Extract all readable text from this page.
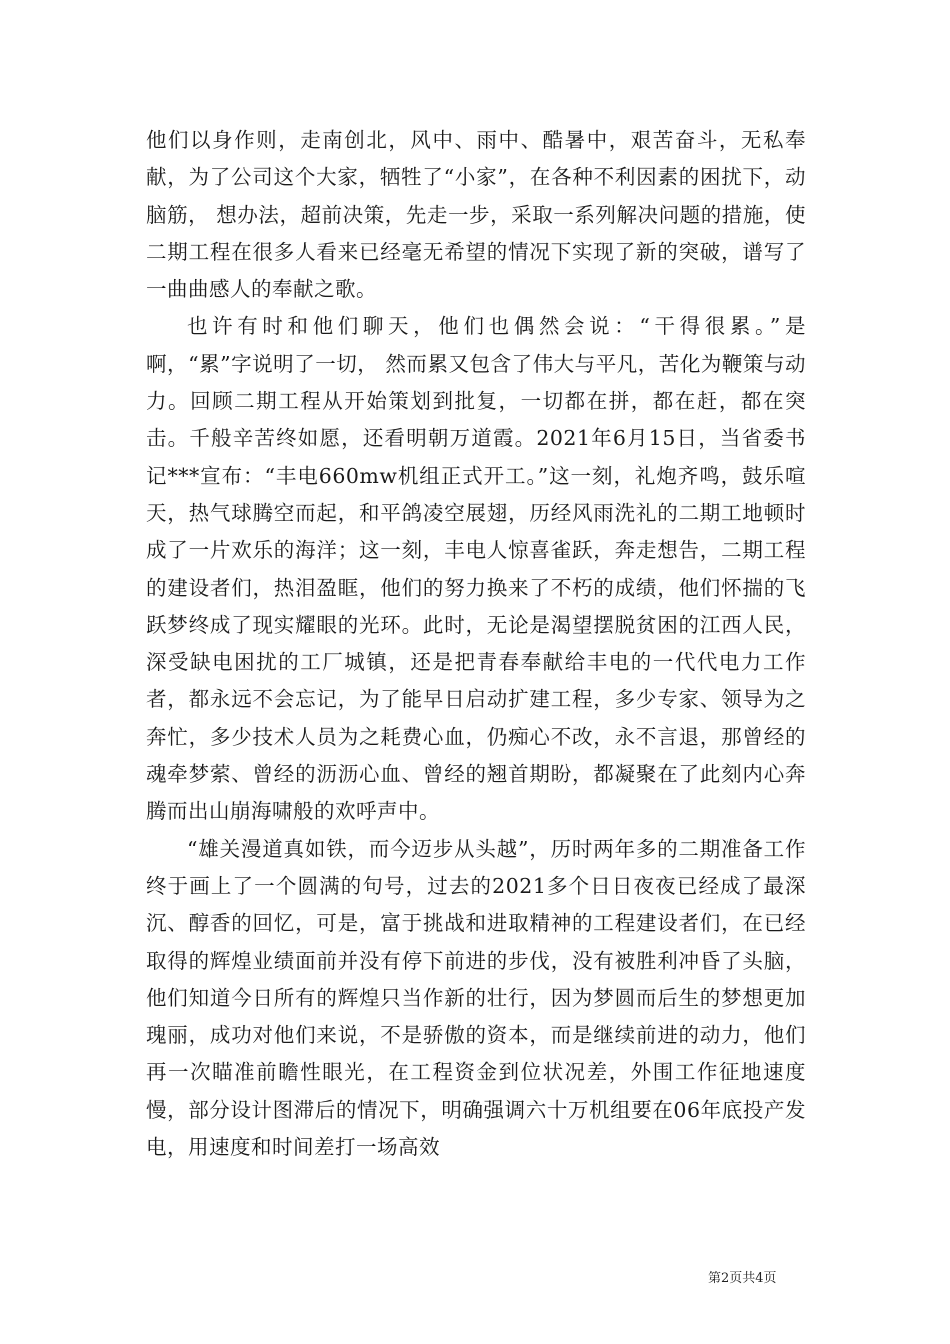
他们以身作则，走南创北，风中、雨中、酷暑中，艰苦奋斗，无私奉献，为了公司这个大家，牺牲了“小家”，在各种不利因素的困扰下，动脑筋， 想办法，超前决策，先走一步，采取一系列解决问题的措施，使二期工程在很多人看来已经毫无希望的情况下实现了新的突破，谱写了一曲曲感人的奉献之歌。

也许有时和他们聊天，他们也偶然会说：“干得很累。”是啊，“累”字说明了一切， 然而累又包含了伟大与平凡，苦化为鞭策与动力。回顾二期工程从开始策划到批复，一切都在拼，都在赶，都在突击。千般辛苦终如愿，还看明朝万道霞。2021年6月15日，当省委书记***宣布：“丰电660mw机组正式开工。”这一刻，礼炮齐鸣，鼓乐喧天，热气球腾空而起，和平鸽凌空展翅，历经风雨洗礼的二期工地顿时成了一片欢乐的海洋；这一刻，丰电人惊喜雀跃，奔走想告，二期工程的建设者们，热泪盈眶，他们的努力换来了不朽的成绩，他们怀揣的飞跃梦终成了现实耀眼的光环。此时，无论是渴望摆脱贫困的江西人民，深受缺电困扰的工厂城镇，还是把青春奉献给丰电的一代代电力工作者，都永远不会忘记，为了能早日启动扩建工程，多少专家、领导为之奔忙，多少技术人员为之耗费心血，仍痴心不改，永不言退，那曾经的魂牵梦萦、曾经的沥沥心血、曾经的翘首期盼，都凝聚在了此刻内心奔腾而出山崩海啸般的欢呼声中。

“雄关漫道真如铁，而今迈步从头越”，历时两年多的二期准备工作终于画上了一个圆满的句号，过去的2021多个日日夜夜已经成了最深沉、醇香的回忆，可是，富于挑战和进取精神的工程建设者们，在已经取得的辉煌业绩面前并没有停下前进的步伐，没有被胜利冲昏了头脑，他们知道今日所有的辉煌只当作新的壮行，因为梦圆而后生的梦想更加瑰丽，成功对他们来说，不是骄傲的资本，而是继续前进的动力，他们再一次瞄准前瞻性眼光，在工程资金到位状况差，外围工作征地速度慢，部分设计图滞后的情况下，明确强调六十万机组要在06年底投产发电，用速度和时间差打一场高效

第2页共4页
